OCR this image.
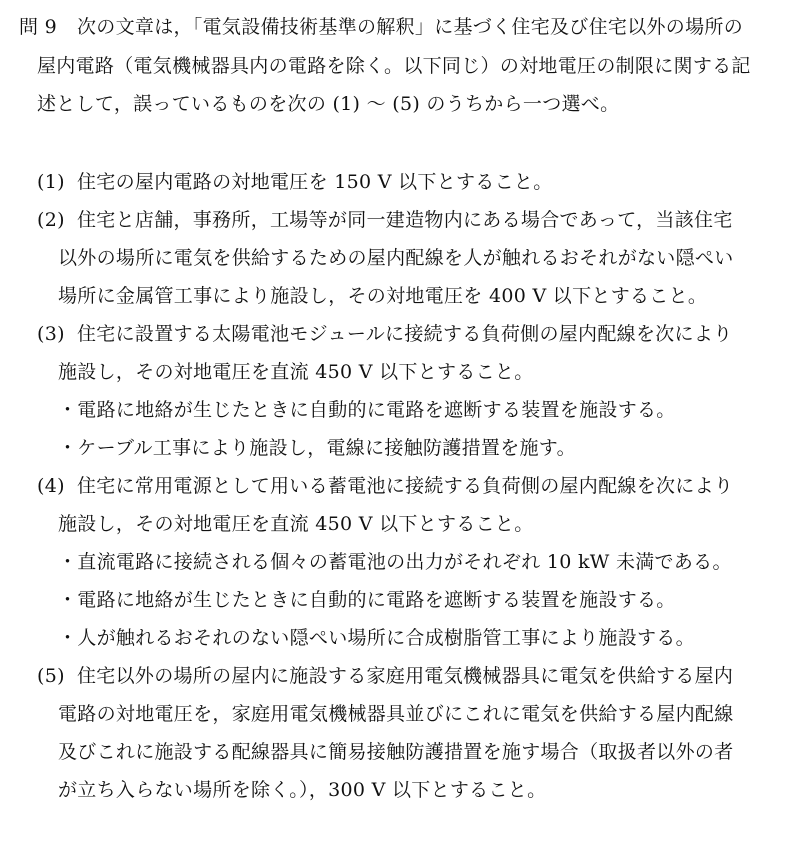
問 9 次の文章は，「電気設備技術基準の解釈」に基づく住宅及び住宅以外の場所の
屋内電路（電気機械器具内の電路を除く。以下同じ）の対地電圧の制限に関する記
述として，誤っているものを次の (1) ～ (5) のうちから一つ選べ。
(1) 住宅の屋内電路の対地電圧を 150 V 以下とすること。
(2) 住宅と店舗，事務所，工場等が同一建造物内にある場合であって，当該住宅
以外の場所に電気を供給するための屋内配線を人が触れるおそれがない隠ぺい
場所に金属管工事により施設し，その対地電圧を 400 V 以下とすること。
(3) 住宅に設置する太陽電池モジュールに接続する負荷側の屋内配線を次により
施設し，その対地電圧を直流 450 V 以下とすること。
・電路に地絡が生じたときに自動的に電路を遮断する装置を施設する。
・ケーブル工事により施設し，電線に接触防護措置を施す。
(4) 住宅に常用電源として用いる蓄電池に接続する負荷側の屋内配線を次により
施設し，その対地電圧を直流 450 V 以下とすること。
・直流電路に接続される個々の蓄電池の出力がそれぞれ 10 kW 未満である。
・電路に地絡が生じたときに自動的に電路を遮断する装置を施設する。
・人が触れるおそれのない隠ぺい場所に合成樹脂管工事により施設する。
(5) 住宅以外の場所の屋内に施設する家庭用電気機械器具に電気を供給する屋内
電路の対地電圧を，家庭用電気機械器具並びにこれに電気を供給する屋内配線
及びこれに施設する配線器具に簡易接触防護措置を施す場合（取扱者以外の者
が立ち入らない場所を除く。），300 V 以下とすること。
